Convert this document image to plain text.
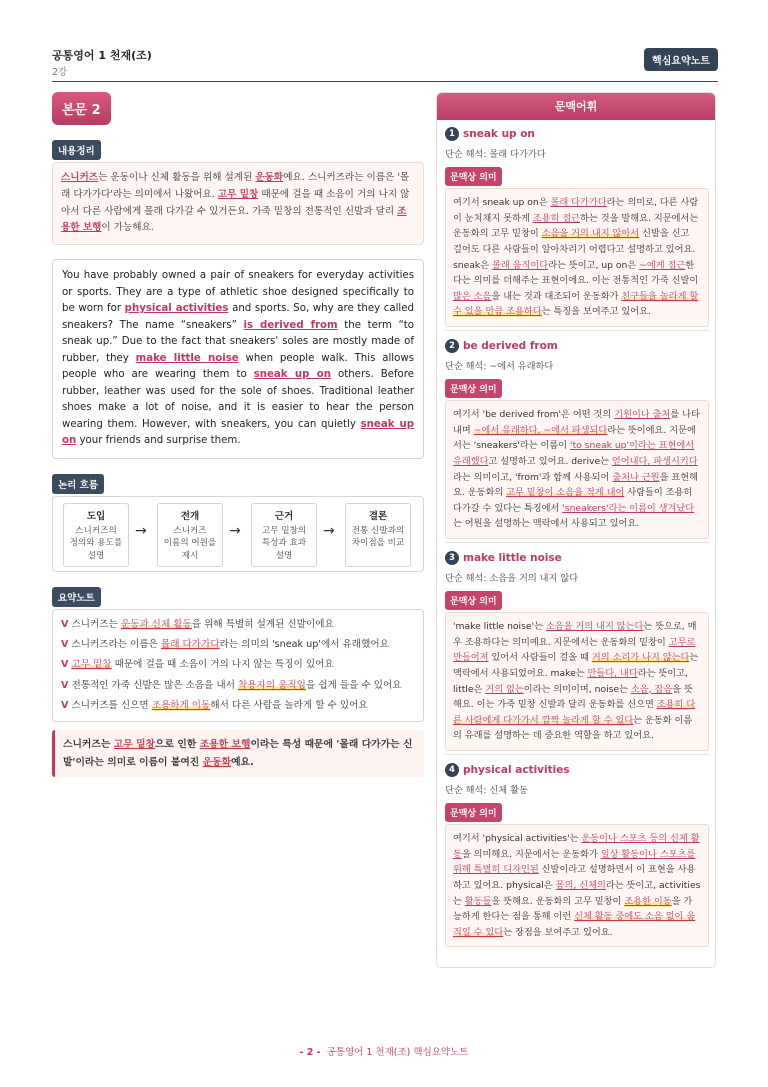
공통영어 1 천재(조)
2강
핵심요약노트
본문 2
내용정리
스니커즈는 운동이나 신체 활동을 위해 설계된 운동화예요. 스니커즈라는 이름은 '몰래 다가가다'라는 의미에서 나왔어요. 고무 밑창 때문에 걸을 때 소음이 거의 나지 않아서 다른 사람에게 몰래 다가갈 수 있거든요. 가죽 밑창의 전통적인 신발과 달리 조용한 보행이 가능해요.
You have probably owned a pair of sneakers for everyday activities or sports. They are a type of athletic shoe designed specifically to be worn for physical activities and sports. So, why are they called sneakers? The name “sneakers” is derived from the term “to sneak up.” Due to the fact that sneakers' soles are mostly made of rubber, they make little noise when people walk. This allows people who are wearing them to sneak up on others. Before rubber, leather was used for the sole of shoes. Traditional leather shoes make a lot of noise, and it is easier to hear the person wearing them. However, with sneakers, you can quietly sneak up on your friends and surprise them.
논리 흐름
도입
스니커즈의
정의와 용도를
설명
→
전개
스니커즈
이름의 어원을
제시
→
근거
고무 밑창의
특성과 효과
설명
→
결론
전통 신발과의
차이점을 비교
요약노트
V 스니커즈는 운동과 신체 활동을 위해 특별히 설계된 신발이에요
V 스니커즈라는 이름은 몰래 다가가다라는 의미의 'sneak up'에서 유래했어요
V 고무 밑창 때문에 걸을 때 소음이 거의 나지 않는 특징이 있어요
V 전통적인 가죽 신발은 많은 소음을 내서 착용자의 움직임을 쉽게 들을 수 있어요
V 스니커즈를 신으면 조용하게 이동해서 다른 사람을 놀라게 할 수 있어요
스니커즈는 고무 밑창으로 인한 조용한 보행이라는 특성 때문에 '몰래 다가가는 신발'이라는 의미로 이름이 붙여진 운동화예요.
문맥어휘
1 sneak up on
단순 해석: 몰래 다가가다
문맥상 의미
여기서 sneak up on은 몰래 다가가다라는 의미로, 다른 사람이 눈치채지 못하게 조용히 접근하는 것을 말해요. 지문에서는 운동화의 고무 밑창이 소음을 거의 내지 않아서 신발을 신고 걸어도 다른 사람들이 알아차리기 어렵다고 설명하고 있어요. sneak은 몰래 움직이다라는 뜻이고, up on은 ~에게 접근한다는 의미를 더해주는 표현이에요. 이는 전통적인 가죽 신발이 많은 소음을 내는 것과 대조되어 운동화가 친구들을 놀라게 할 수 있을 만큼 조용하다는 특징을 보여주고 있어요.
2 be derived from
단순 해석: ~에서 유래하다
문맥상 의미
여기서 'be derived from'은 어떤 것의 기원이나 출처를 나타내며 ~에서 유래하다, ~에서 파생되다라는 뜻이에요. 지문에서는 'sneakers'라는 이름이 'to sneak up'이라는 표현에서 유래했다고 설명하고 있어요. derive는 얻어내다, 파생시키다라는 의미이고, 'from'과 함께 사용되어 출처나 근원을 표현해요. 운동화의 고무 밑창이 소음을 적게 내어 사람들이 조용히 다가갈 수 있다는 특징에서 'sneakers'라는 이름이 생겨났다는 어원을 설명하는 맥락에서 사용되고 있어요.
3 make little noise
단순 해석: 소음을 거의 내지 않다
문맥상 의미
'make little noise'는 소음을 거의 내지 않는다는 뜻으로, 매우 조용하다는 의미예요. 지문에서는 운동화의 밑창이 고무로 만들어져 있어서 사람들이 걸을 때 거의 소리가 나지 않는다는 맥락에서 사용되었어요. make는 만들다, 내다라는 뜻이고, little은 거의 없는이라는 의미이며, noise는 소음, 잡음을 뜻해요. 이는 가죽 밑창 신발과 달리 운동화를 신으면 조용히 다른 사람에게 다가가서 깜짝 놀라게 할 수 있다는 운동화 이름의 유래를 설명하는 데 중요한 역할을 하고 있어요.
4 physical activities
단순 해석: 신체 활동
문맥상 의미
여기서 'physical activities'는 운동이나 스포츠 등의 신체 활동을 의미해요. 지문에서는 운동화가 일상 활동이나 스포츠를 위해 특별히 디자인된 신발이라고 설명하면서 이 표현을 사용하고 있어요. physical은 몸의, 신체의라는 뜻이고, activities는 활동들을 뜻해요. 운동화의 고무 밑창이 조용한 이동을 가능하게 한다는 점을 통해 이런 신체 활동 중에도 소음 없이 움직일 수 있다는 장점을 보여주고 있어요.
- 2 - 공통영어 1 천재(조) 핵심요약노트
